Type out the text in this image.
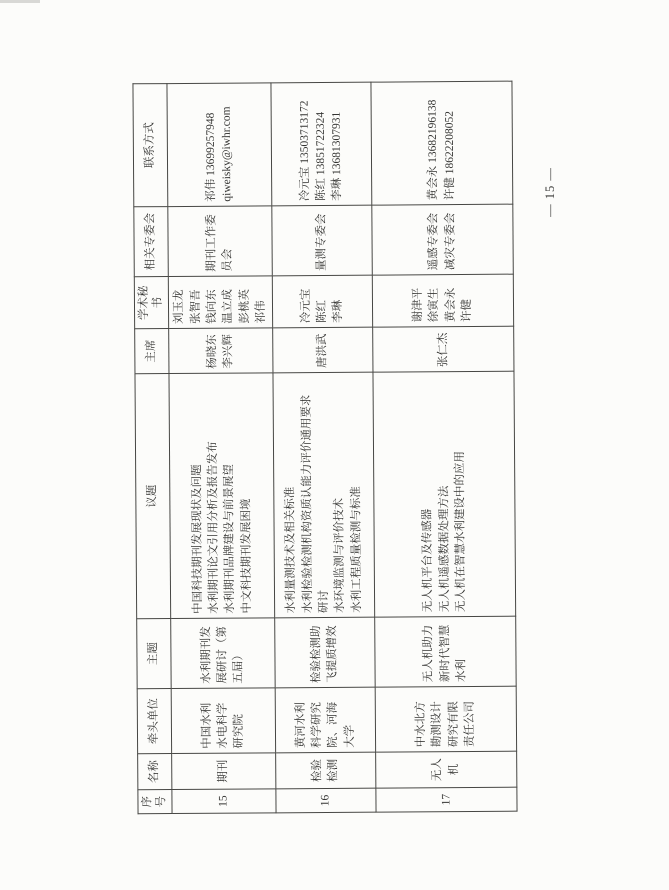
序
号	名称	牵头单位	主题	议题	主席	学术秘
书	相关专委会	联系方式
15	期刊	中国水利
水电科学
研究院	水利期刊发
展研讨（第
五届）	中国科技期刊发展现状及问题
水利期刊论文引用分析及报告发布
水利期刊品牌建设与前景展望
中文科技期刊发展困境	杨晓东
李兴辉	刘玉龙
张智吾
钱向东
温立成
彭桃英
祁伟	期刊工作委
员会	祁伟 13699257948
qiweisky@iwhr.com
16	检验
检测	黄河水利
科学研究
院、河海
大学	检验检测助
飞提质增效	水利量测技术及相关标准
水利检验检测机构资质认能力评价通用要求
研讨
水环境监测与评价技术
水利工程质量检测与标准	唐洪武	冷元宝
陈红
李琳	量测专委会	冷元宝 13503713172
陈红 13851722324
李琳 13681307931
17	无人
机	中水北方
勘测设计
研究有限
责任公司	无人机助力
新时代智慧
水利	无人机平台及传感器
无人机遥感数据处理方法
无人机在智慧水利建设中的应用	张仁杰	谢津平
徐寅生
黄会永
许健	遥感专委会
减灾专委会	黄会永 13682196138
许健 18622208052	— 15 —
